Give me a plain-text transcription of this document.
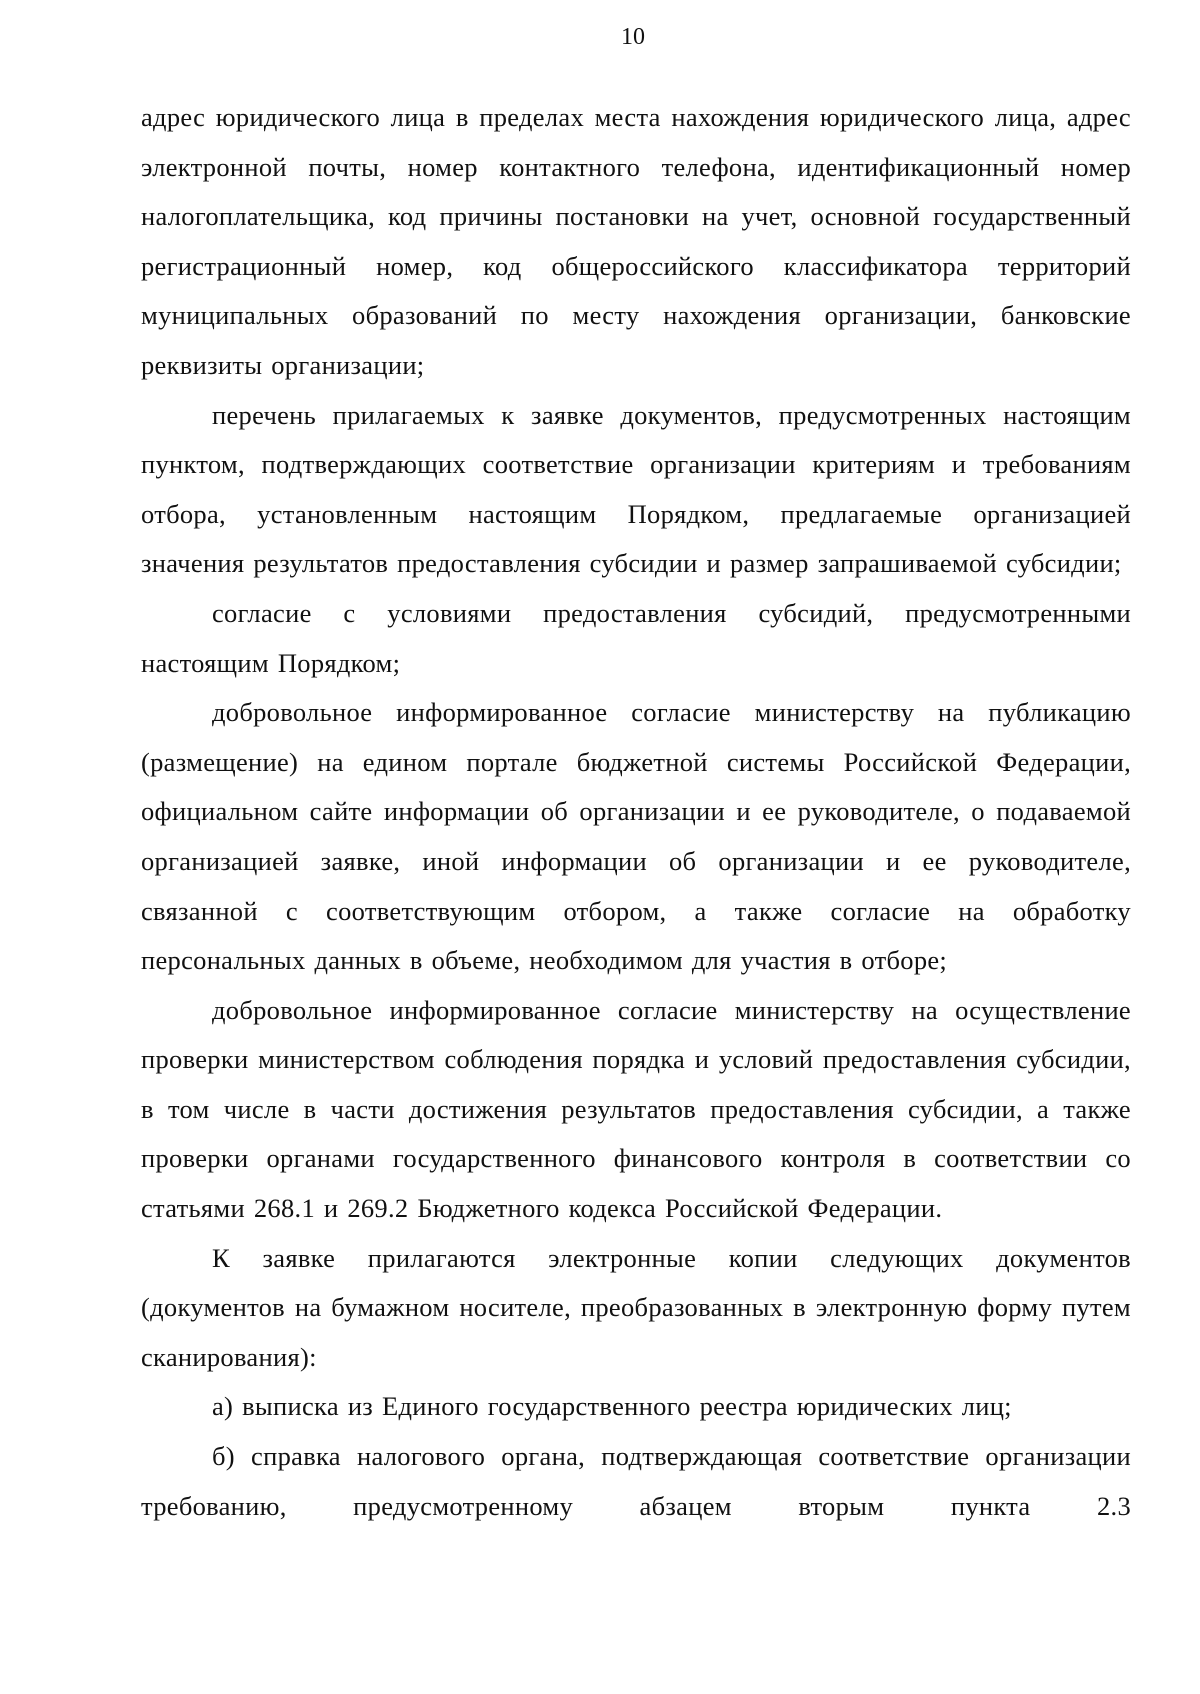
10

адрес юридического лица в пределах места нахождения юридического лица, адрес электронной почты, номер контактного телефона, идентификационный номер налогоплательщика, код причины постановки на учет, основной государственный регистрационный номер, код общероссийского классификатора территорий муниципальных образований по месту нахождения организации, банковские реквизиты организации;

перечень прилагаемых к заявке документов, предусмотренных настоящим пунктом, подтверждающих соответствие организации критериям и требованиям отбора, установленным настоящим Порядком, предлагаемые организацией значения результатов предоставления субсидии и размер запрашиваемой субсидии;

согласие с условиями предоставления субсидий, предусмотренными настоящим Порядком;

добровольное информированное согласие министерству на публикацию (размещение) на едином портале бюджетной системы Российской Федерации, официальном сайте информации об организации и ее руководителе, о подаваемой организацией заявке, иной информации об организации и ее руководителе, связанной с соответствующим отбором, а также согласие на обработку персональных данных в объеме, необходимом для участия в отборе;

добровольное информированное согласие министерству на осуществление проверки министерством соблюдения порядка и условий предоставления субсидии, в том числе в части достижения результатов предоставления субсидии, а также проверки органами государственного финансового контроля в соответствии со статьями 268.1 и 269.2 Бюджетного кодекса Российской Федерации.

К заявке прилагаются электронные копии следующих документов (документов на бумажном носителе, преобразованных в электронную форму путем сканирования):

а) выписка из Единого государственного реестра юридических лиц;

б) справка налогового органа, подтверждающая соответствие организации требованию, предусмотренному абзацем вторым пункта 2.3
